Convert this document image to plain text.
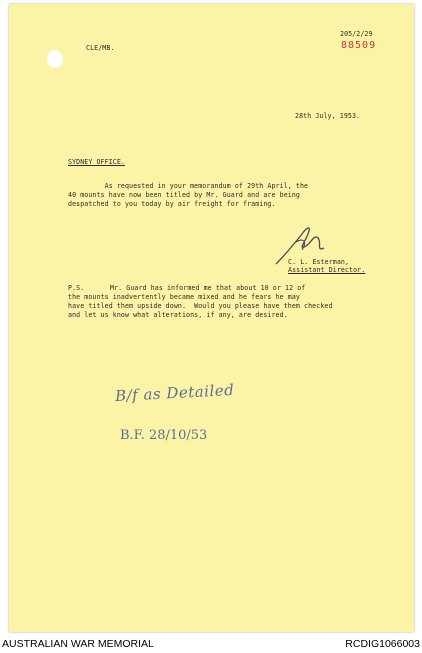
205/2/29
88509
CLE/MB.
28th July, 1953.
SYDNEY OFFICE.
As requested in your memorandum of 29th April, the
40 mounts have now been titled by Mr. Guard and are being
despatched to you today by air freight for framing.
C. L. Esterman,
Assistant Director.
P.S.	Mr. Guard has informed me that about 10 or 12 of
the mounts inadvertently became mixed and he fears he may
have titled them upside down.  Would you please have them checked
and let us know what alterations, if any, are desired.
B/f as Detailed
B.F. 28/10/53
AUSTRALIAN WAR MEMORIAL	RCDIG1066003
